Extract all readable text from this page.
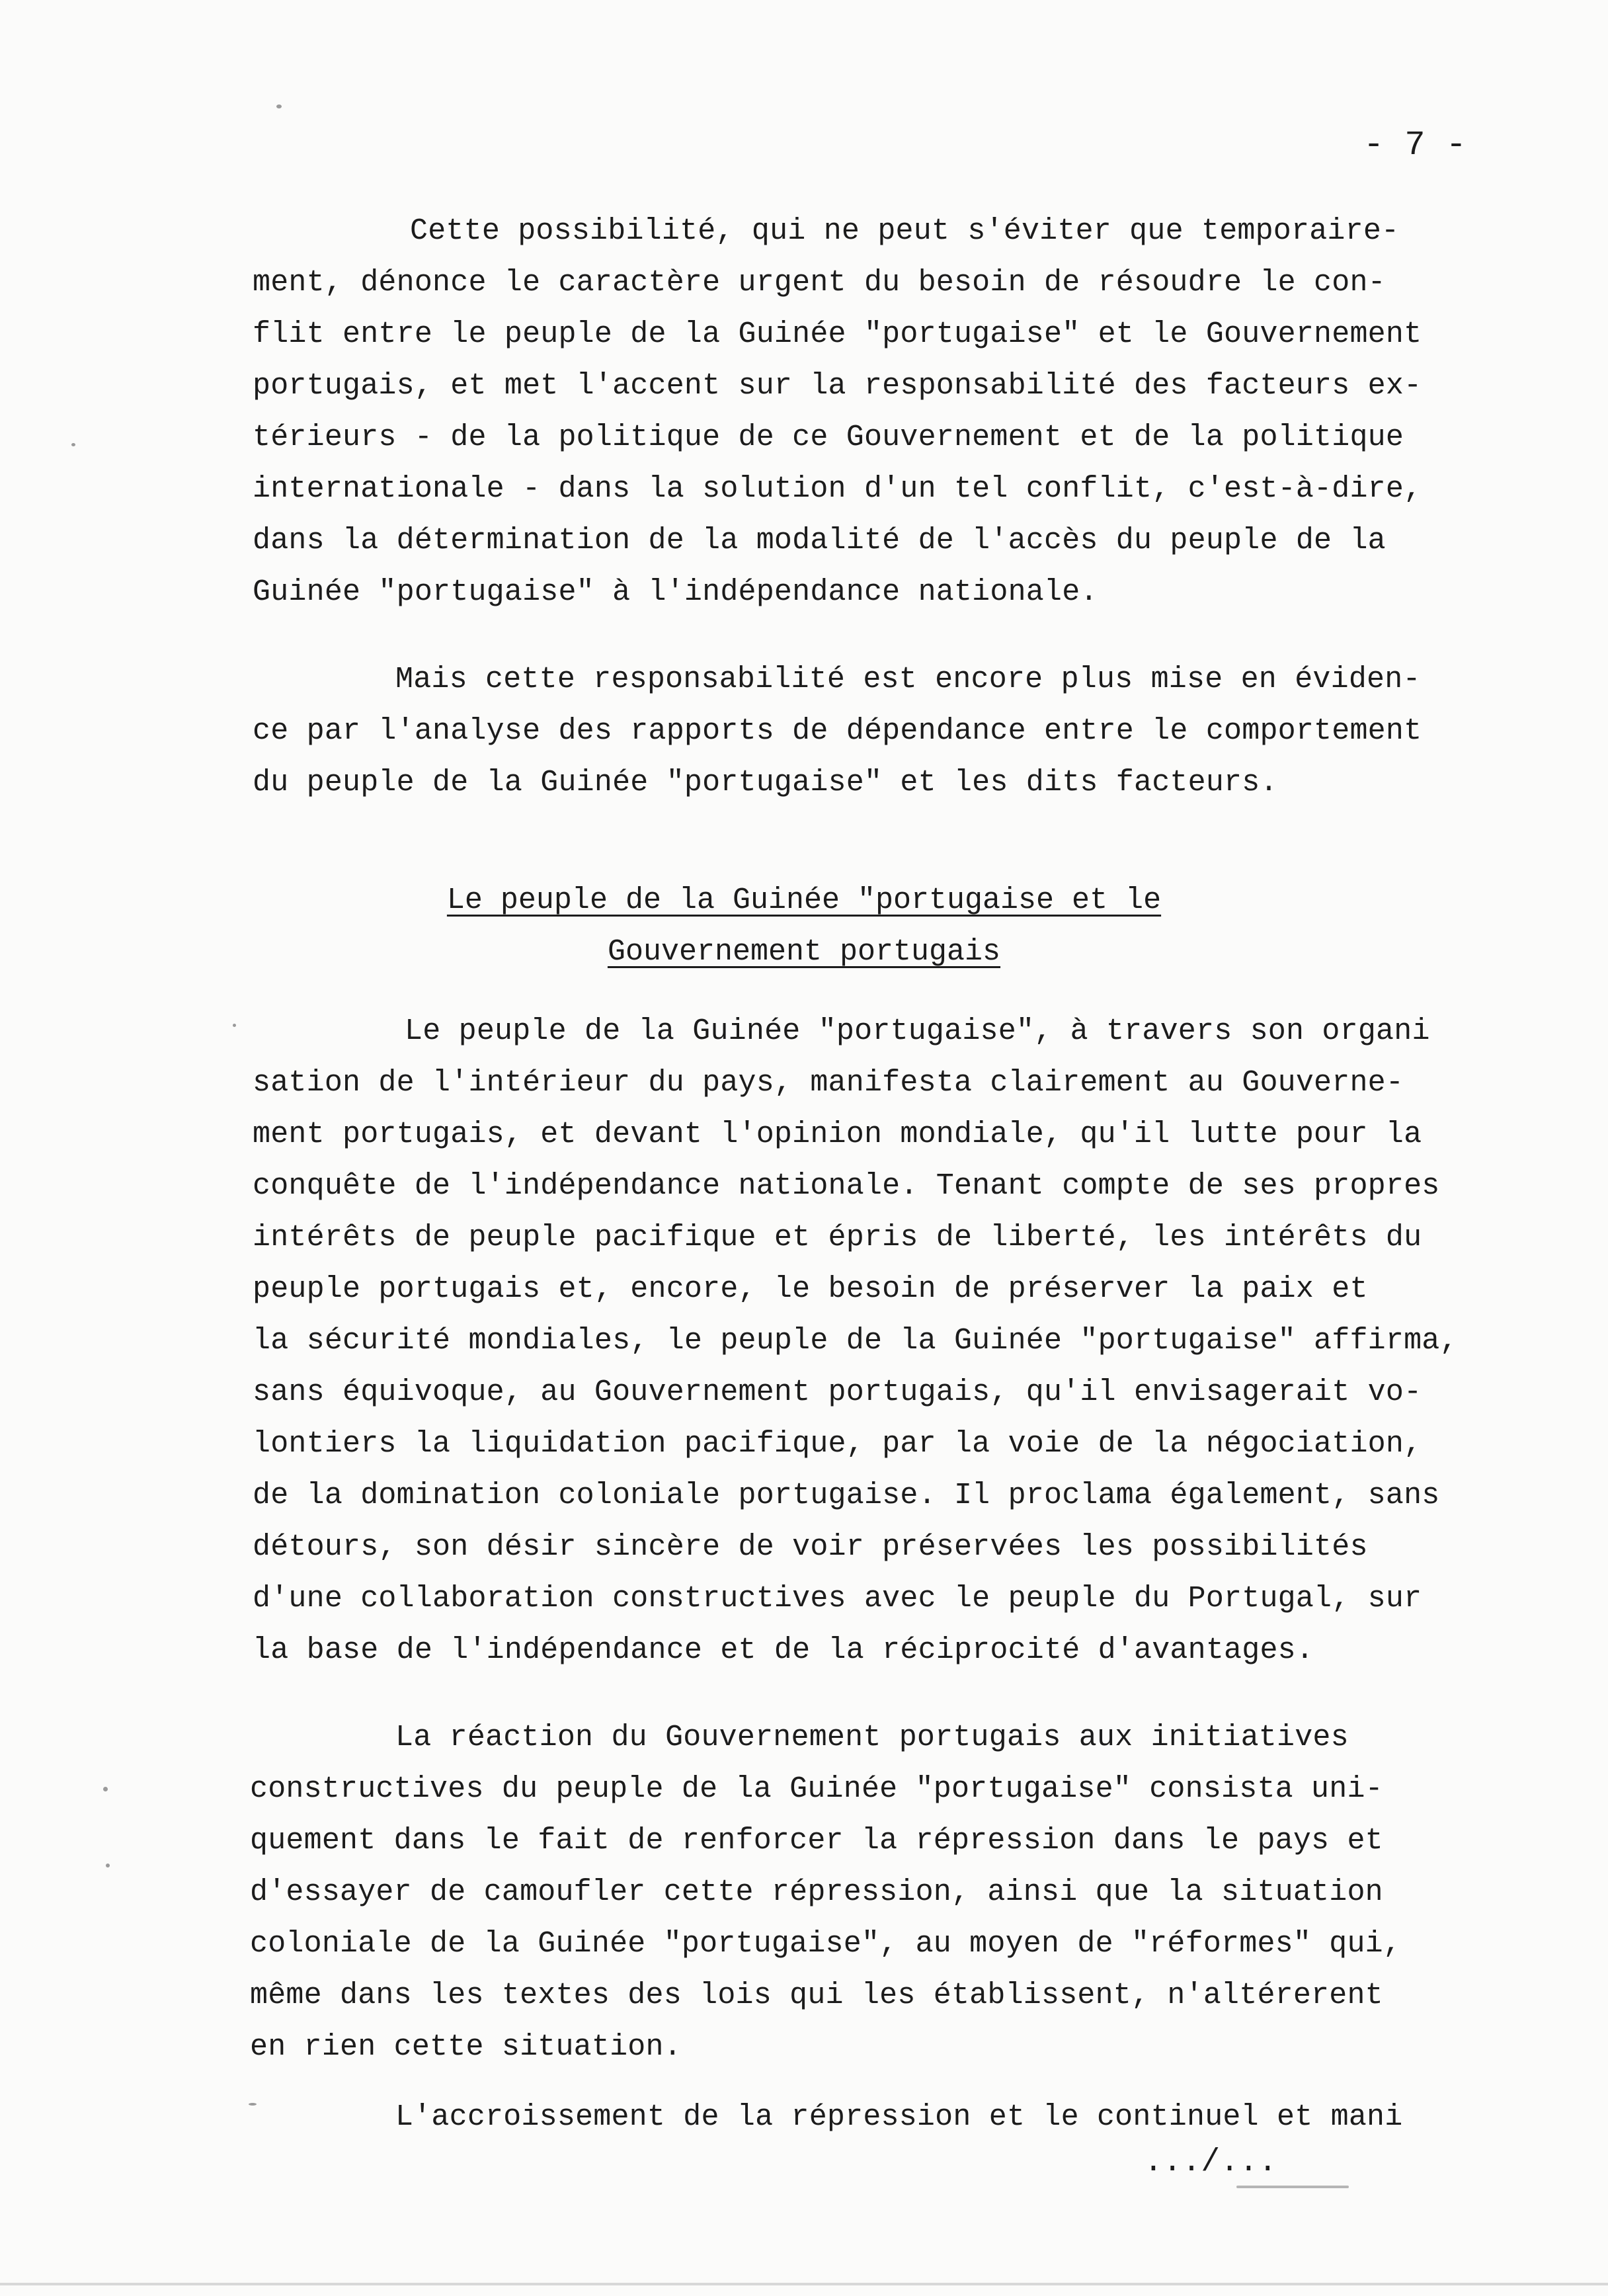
- 7 -
Cette possibilité, qui ne peut s'éviter que temporaire-
ment, dénonce le caractère urgent du besoin de résoudre le con-
flit entre le peuple de la Guinée "portugaise" et le Gouvernement
portugais, et met l'accent sur la responsabilité des facteurs ex-
térieurs - de la politique de ce Gouvernement et de la politique
internationale - dans la solution d'un tel conflit, c'est-à-dire,
dans la détermination de la modalité de l'accès du peuple de la
Guinée "portugaise" à l'indépendance nationale.
Mais cette responsabilité est encore plus mise en éviden-
ce par l'analyse des rapports de dépendance entre le comportement
du peuple de la Guinée "portugaise" et les dits facteurs.
Le peuple de la Guinée "portugaise et le
Gouvernement portugais
Le peuple de la Guinée "portugaise", à travers son organi
sation de l'intérieur du pays, manifesta clairement au Gouverne-
ment portugais, et devant l'opinion mondiale, qu'il lutte pour la
conquête de l'indépendance nationale. Tenant compte de ses propres
intérêts de peuple pacifique et épris de liberté, les intérêts du
peuple portugais et, encore, le besoin de préserver la paix et
la sécurité mondiales, le peuple de la Guinée "portugaise" affirma,
sans équivoque, au Gouvernement portugais, qu'il envisagerait vo-
lontiers la liquidation pacifique, par la voie de la négociation,
de la domination coloniale portugaise. Il proclama également, sans
détours, son désir sincère de voir préservées les possibilités
d'une collaboration constructives avec le peuple du Portugal, sur
la base de l'indépendance et de la réciprocité d'avantages.
La réaction du Gouvernement portugais aux initiatives
constructives du peuple de la Guinée "portugaise" consista uni-
quement dans le fait de renforcer la répression dans le pays et
d'essayer de camoufler cette répression, ainsi que la situation
coloniale de la Guinée "portugaise", au moyen de "réformes" qui,
même dans les textes des lois qui les établissent, n'altérerent
en rien cette situation.
L'accroissement de la répression et le continuel et mani
.../...
